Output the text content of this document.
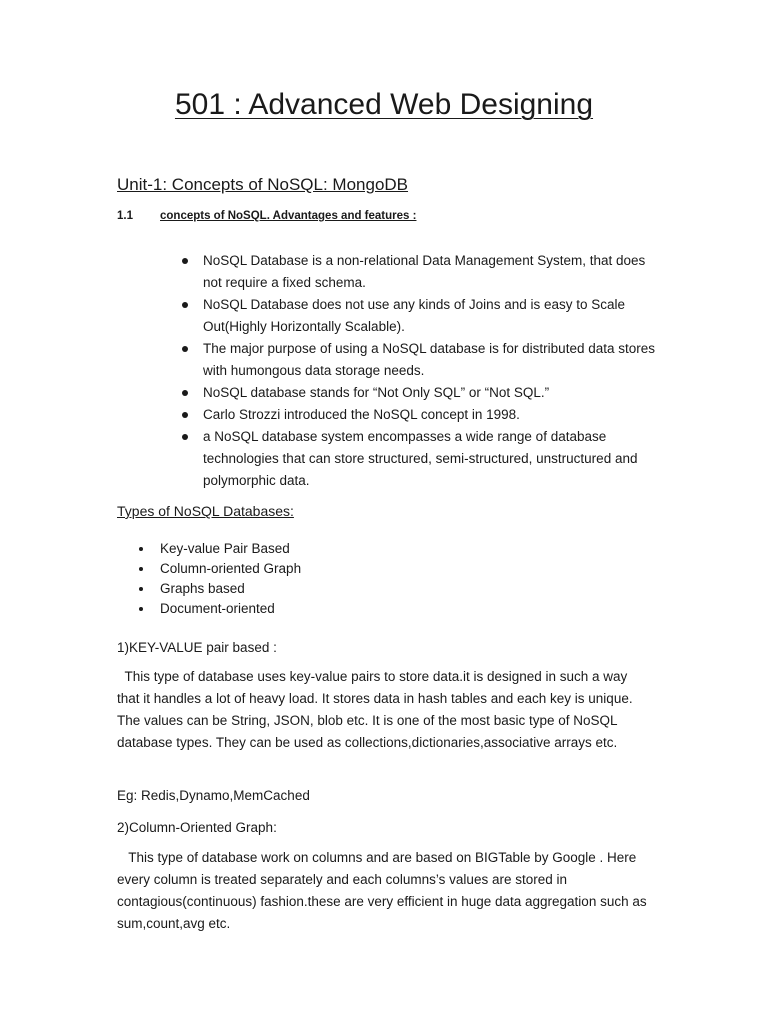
501 : Advanced Web Designing
Unit-1: Concepts of NoSQL: MongoDB
1.1 concepts of NoSQL. Advantages and features :
NoSQL Database is a non-relational Data Management System, that does not require a fixed schema.
NoSQL Database does not use any kinds of Joins and is easy to Scale Out(Highly Horizontally Scalable).
The major purpose of using a NoSQL database is for distributed data stores with humongous data storage needs.
NoSQL database stands for “Not Only SQL” or “Not SQL.”
Carlo Strozzi introduced the NoSQL concept in 1998.
a NoSQL database system encompasses a wide range of database technologies that can store structured, semi-structured, unstructured and polymorphic data.
Types of NoSQL Databases:
Key-value Pair Based
Column-oriented Graph
Graphs based
Document-oriented

1)KEY-VALUE pair based :

This type of database uses key-value pairs to store data.it is designed in such a way that it handles a lot of heavy load. It stores data in hash tables and each key is unique. The values can be String, JSON, blob etc. It is one of the most basic type of NoSQL database types. They can be used as collections,dictionaries,associative arrays etc.

Eg: Redis,Dynamo,MemCached

2)Column-Oriented Graph:

This type of database work on columns and are based on BIGTable by Google . Here every column is treated separately and each columns’s values are stored in contagious(continuous) fashion.these are very efficient in huge data aggregation such as sum,count,avg etc.
